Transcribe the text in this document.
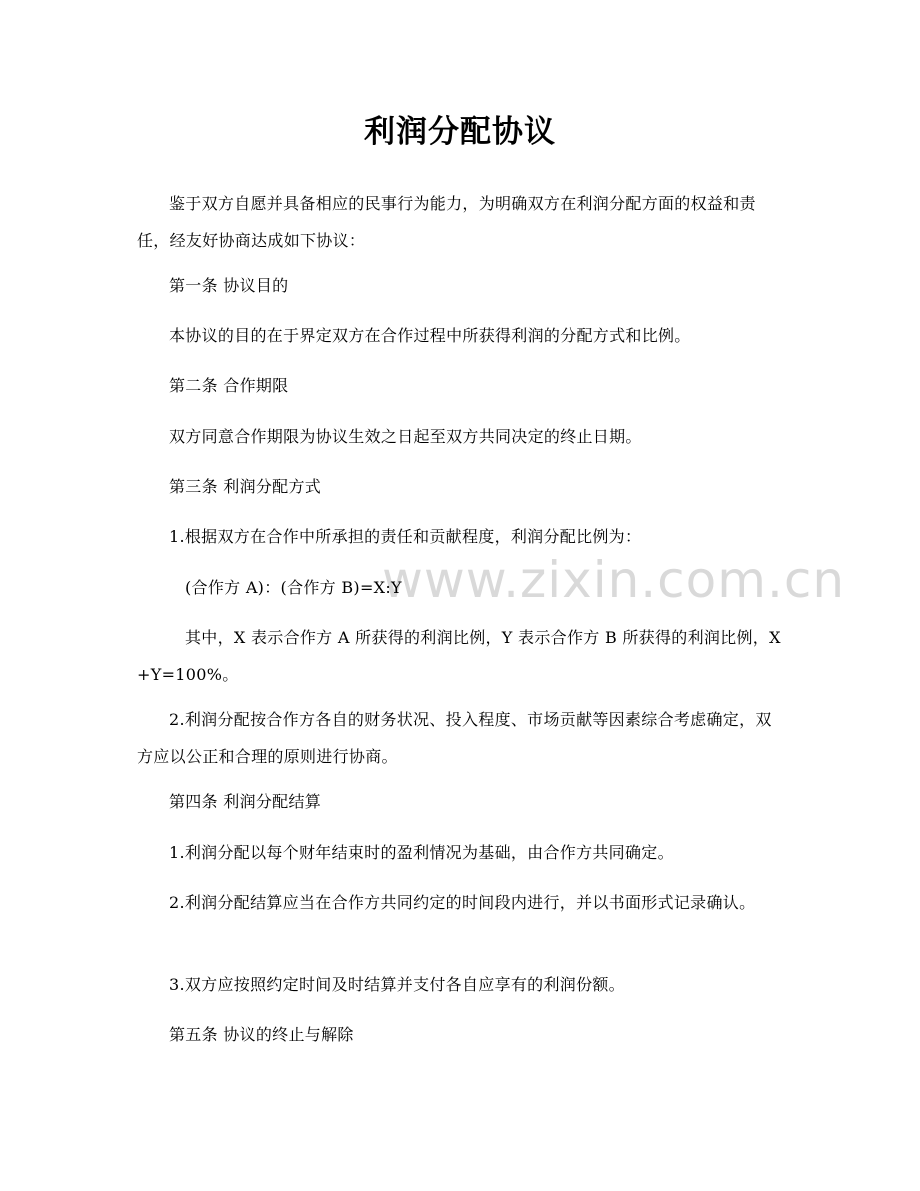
www.zixin.com.cn
利润分配协议
鉴于双方自愿并具备相应的民事行为能力，为明确双方在利润分配方面的权益和责任，经友好协商达成如下协议：
第一条 协议目的
本协议的目的在于界定双方在合作过程中所获得利润的分配方式和比例。
第二条 合作期限
双方同意合作期限为协议生效之日起至双方共同决定的终止日期。
第三条 利润分配方式
1.根据双方在合作中所承担的责任和贡献程度，利润分配比例为：
(合作方 A)：(合作方 B)=X:Y
其中，X 表示合作方 A 所获得的利润比例，Y 表示合作方 B 所获得的利润比例，X+Y=100%。
2.利润分配按合作方各自的财务状况、投入程度、市场贡献等因素综合考虑确定，双方应以公正和合理的原则进行协商。
第四条 利润分配结算
1.利润分配以每个财年结束时的盈利情况为基础，由合作方共同确定。
2.利润分配结算应当在合作方共同约定的时间段内进行，并以书面形式记录确认。
3.双方应按照约定时间及时结算并支付各自应享有的利润份额。
第五条 协议的终止与解除
